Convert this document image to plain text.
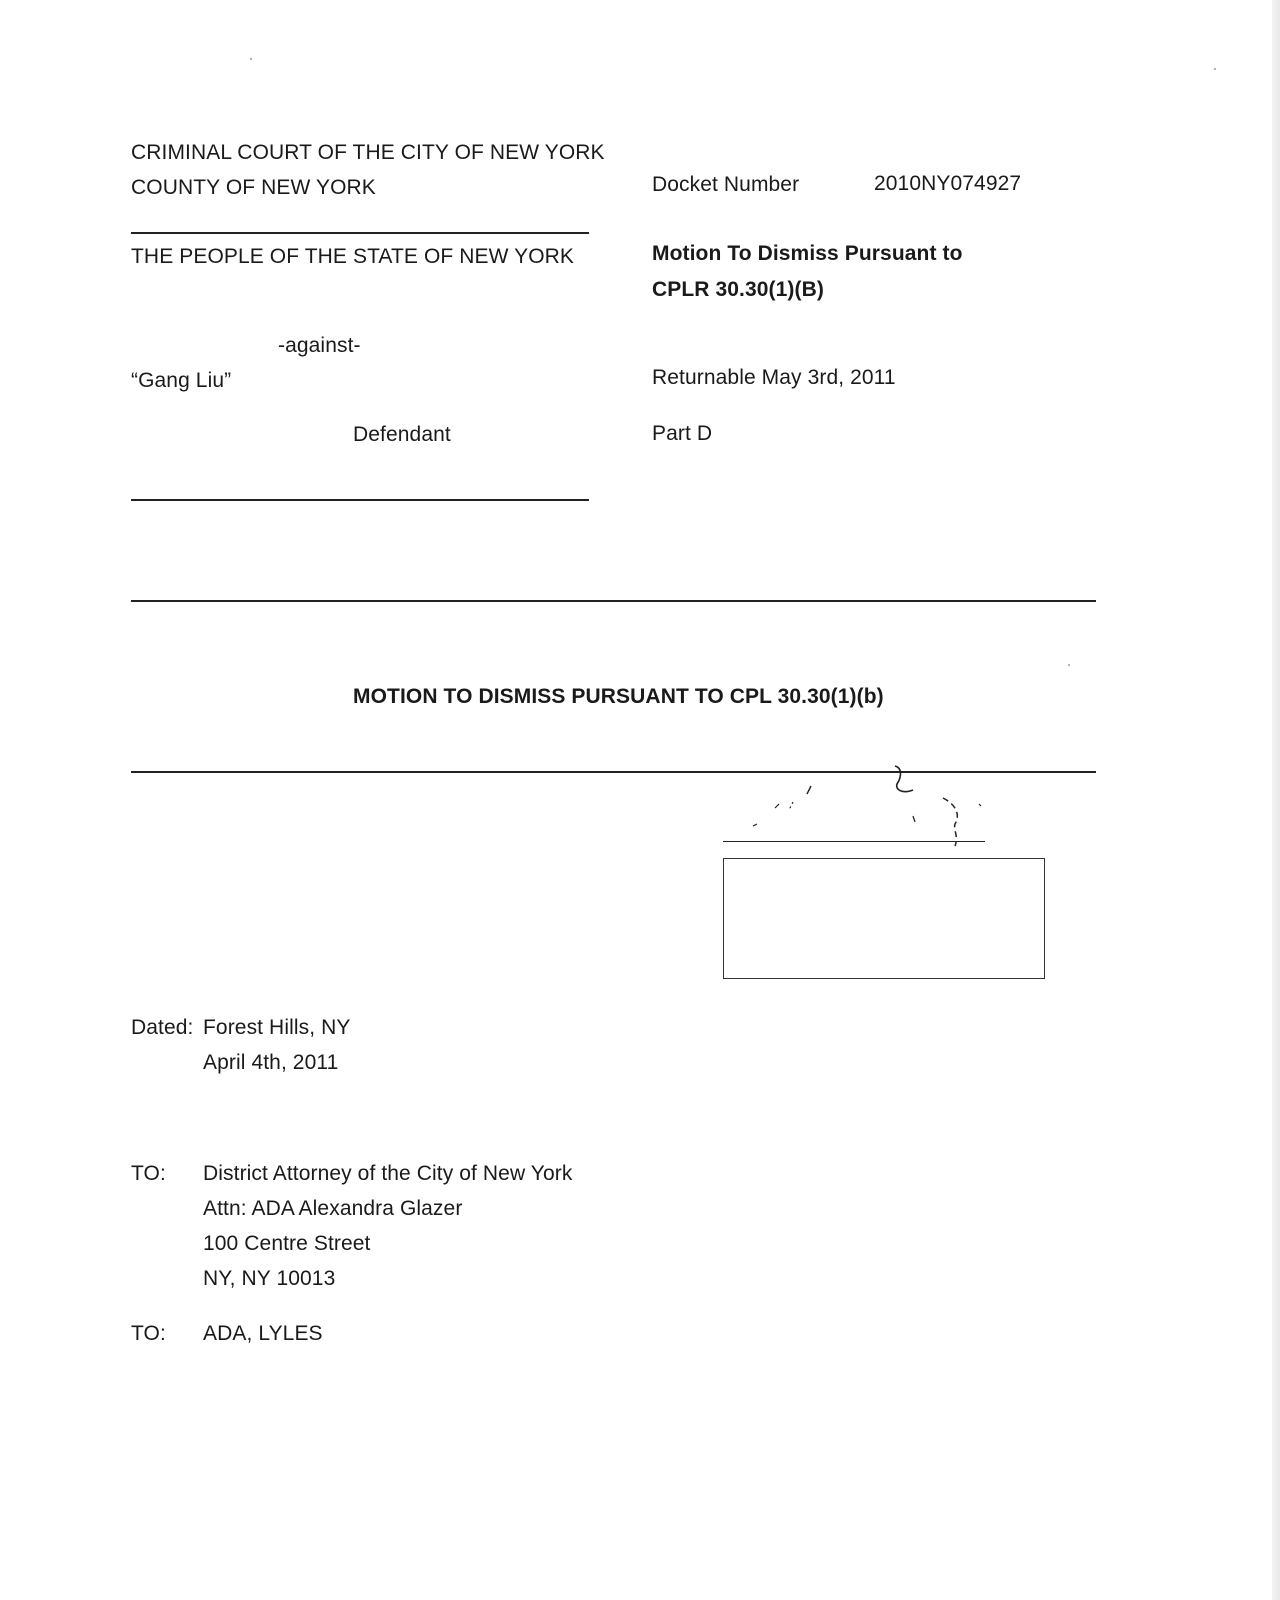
CRIMINAL COURT OF THE CITY OF NEW YORK
COUNTY OF NEW YORK
THE PEOPLE OF THE STATE OF NEW YORK
-against-
“Gang Liu”
Defendant
Docket Number	2010NY074927
Motion To Dismiss Pursuant to
CPLR 30.30(1)(B)
Returnable May 3rd, 2011
Part D
MOTION TO DISMISS PURSUANT TO CPL 30.30(1)(b)
Dated: Forest Hills, NY
April 4th, 2011
TO: District Attorney of the City of New York
Attn: ADA Alexandra Glazer
100 Centre Street
NY, NY 10013
TO: ADA, LYLES
